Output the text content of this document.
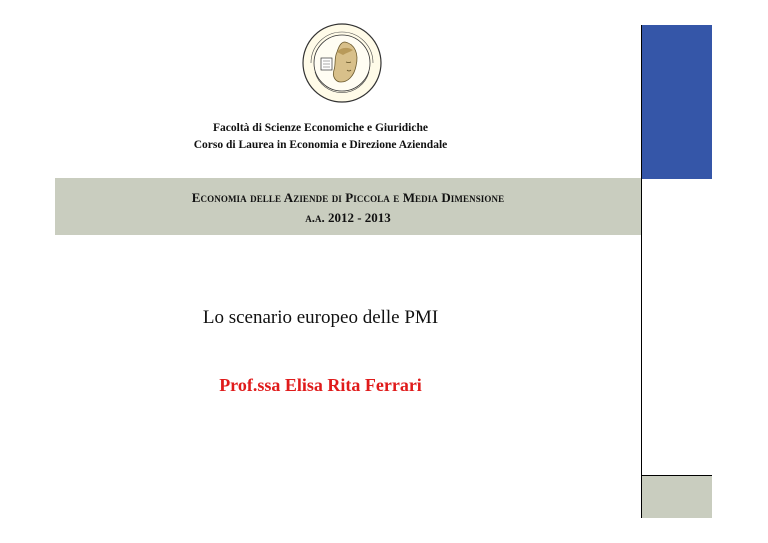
Facoltà di Scienze Economiche e Giuridiche
Corso di Laurea in Economia e Direzione Aziendale
Economia delle Aziende di Piccola e Media Dimensione
a.a. 2012 - 2013
Lo scenario europeo delle PMI
Prof.ssa Elisa Rita Ferrari
